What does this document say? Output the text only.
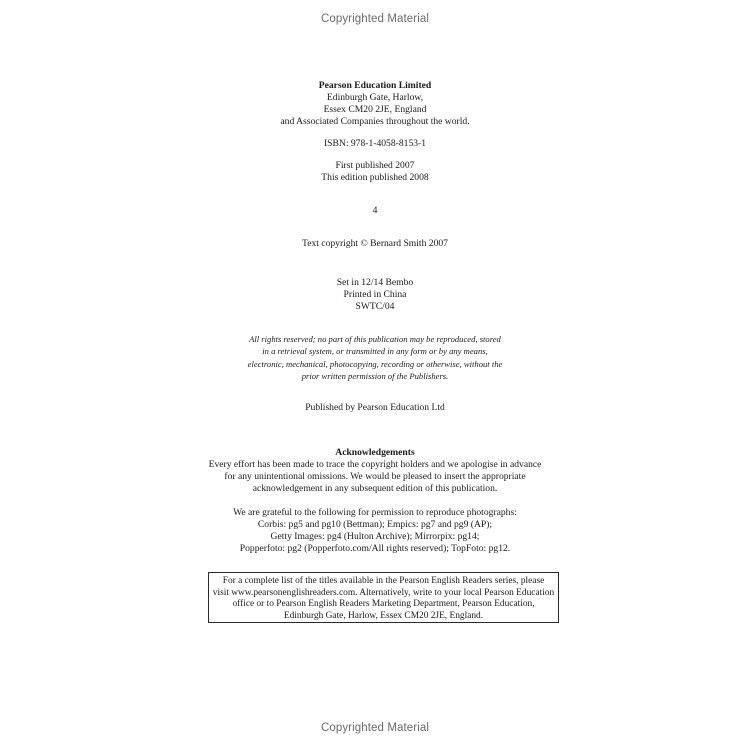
Copyrighted Material
Pearson Education Limited
Edinburgh Gate, Harlow,
Essex CM20 2JE, England
and Associated Companies throughout the world.
ISBN: 978-1-4058-8153-1
First published 2007
This edition published 2008
4
Text copyright © Bernard Smith 2007
Set in 12/14 Bembo
Printed in China
SWTC/04
All rights reserved; no part of this publication may be reproduced, stored
in a retrieval system, or transmitted in any form or by any means,
electronic, mechanical, photocopying, recording or otherwise, without the
prior written permission of the Publishers.
Published by Pearson Education Ltd
Acknowledgements
Every effort has been made to trace the copyright holders and we apologise in advance
for any unintentional omissions. We would be pleased to insert the appropriate
acknowledgement in any subsequent edition of this publication.
We are grateful to the following for permission to reproduce photographs:
Corbis: pg5 and pg10 (Bettman); Empics: pg7 and pg9 (AP);
Getty Images: pg4 (Hulton Archive); Mirrorpix: pg14;
Popperfoto: pg2 (Popperfoto.com/All rights reserved); TopFoto: pg12.
For a complete list of the titles available in the Pearson English Readers series, please
visit www.pearsonenglishreaders.com. Alternatively, write to your local Pearson Education
office or to Pearson English Readers Marketing Department, Pearson Education,
Edinburgh Gate, Harlow, Essex CM20 2JE, England.
Copyrighted Material
